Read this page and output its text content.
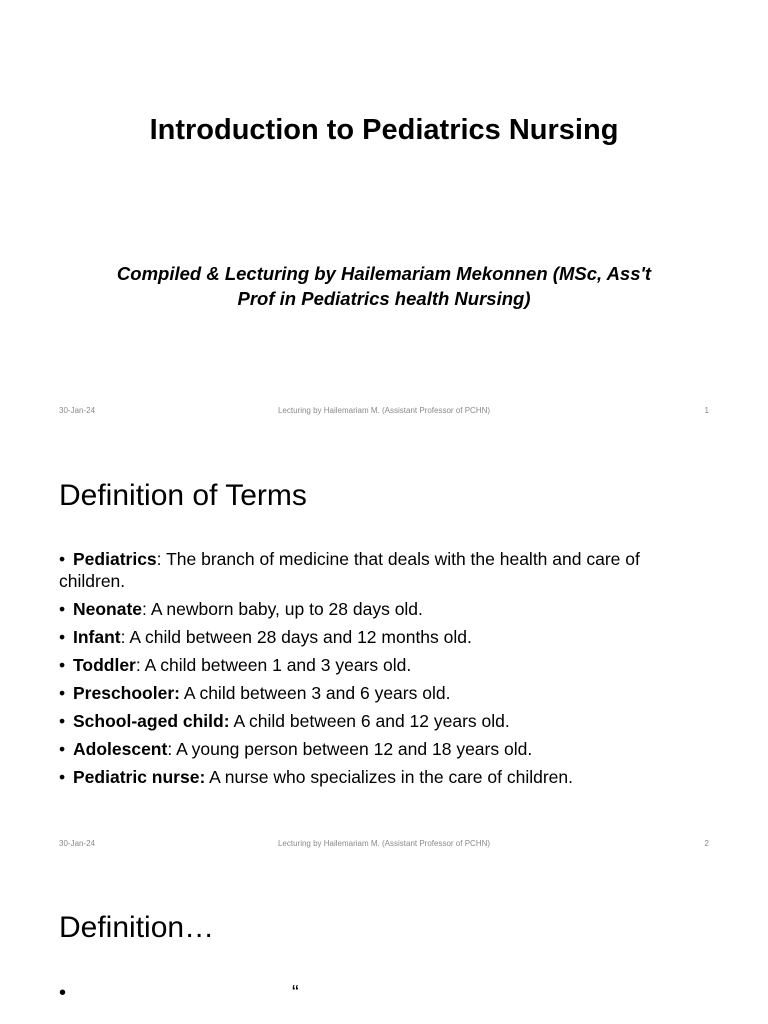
Introduction to Pediatrics Nursing
Compiled & Lecturing by Hailemariam Mekonnen (MSc, Ass't
Prof in Pediatrics health Nursing)
30-Jan-24	Lecturing by Hailemariam M. (Assistant Professor of PCHN)	1
Definition of Terms
• Pediatrics: The branch of medicine that deals with the health and care of children.
• Neonate: A newborn baby, up to 28 days old.
• Infant: A child between 28 days and 12 months old.
• Toddler: A child between 1 and 3 years old.
• Preschooler: A child between 3 and 6 years old.
• School-aged child: A child between 6 and 12 years old.
• Adolescent: A young person between 12 and 18 years old.
• Pediatric nurse: A nurse who specializes in the care of children.
30-Jan-24	Lecturing by Hailemariam M. (Assistant Professor of PCHN)	2
Definition…
•	“
